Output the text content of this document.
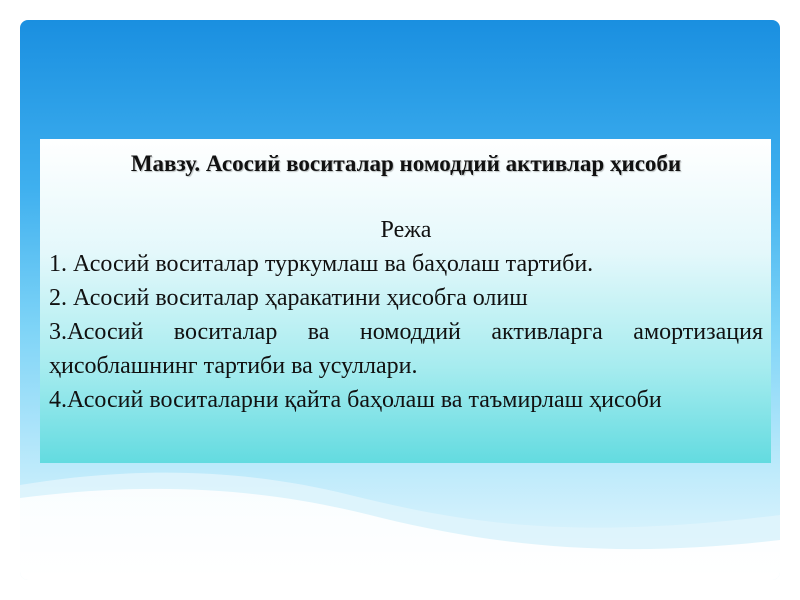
Мавзу. Асосий воситалар номоддий активлар ҳисоби

Режа

1. Асосий воситалар туркумлаш ва баҳолаш тартиби.

2. Асосий воситалар ҳаракатини ҳисобга олиш

3.Асосий воситалар ва номоддий активларга амортизация ҳисоблашнинг тартиби ва усуллари.

4.Асосий воситаларни қайта баҳолаш ва таъмирлаш ҳисоби
